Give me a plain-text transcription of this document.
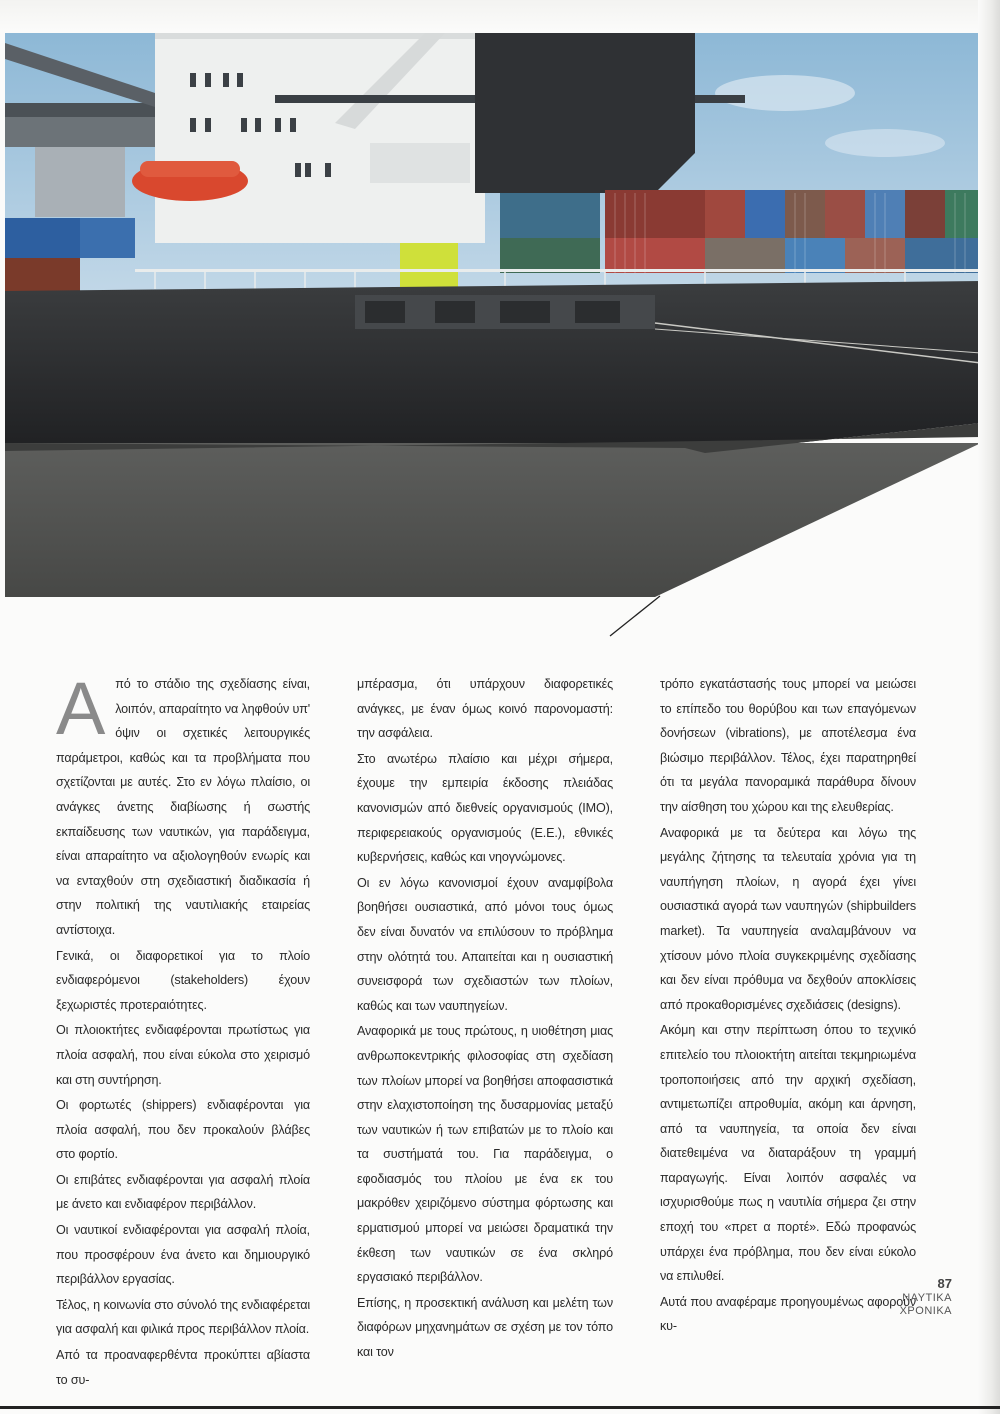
Α πό το στάδιο της σχεδίασης είναι, λοιπόν, απαραίτητο να ληφθούν υπ' όψιν οι σχετικές λειτουργικές παράμετροι, καθώς και τα προβλήματα που σχετίζονται με αυτές. Στο εν λόγω πλαίσιο, οι ανάγκες άνετης διαβίωσης ή σωστής εκπαίδευσης των ναυτικών, για παράδειγμα, είναι απαραίτητο να αξιολογηθούν ενωρίς και να ενταχθούν στη σχεδιαστική διαδικασία ή στην πολιτική της ναυτιλιακής εταιρείας αντίστοιχα.

Γενικά, οι διαφορετικοί για το πλοίο ενδιαφερόμενοι (stakeholders) έχουν ξεχωριστές προτεραιότητες.

Οι πλοιοκτήτες ενδιαφέρονται πρωτίστως για πλοία ασφαλή, που είναι εύκολα στο χειρισμό και στη συντήρηση.

Οι φορτωτές (shippers) ενδιαφέρονται για πλοία ασφαλή, που δεν προκαλούν βλάβες στο φορτίο.

Οι επιβάτες ενδιαφέρονται για ασφαλή πλοία με άνετο και ενδιαφέρον περιβάλλον.

Οι ναυτικοί ενδιαφέρονται για ασφαλή πλοία, που προσφέρουν ένα άνετο και δημιουργικό περιβάλλον εργασίας.

Τέλος, η κοινωνία στο σύνολό της ενδιαφέρεται για ασφαλή και φιλικά προς περιβάλλον πλοία.

Από τα προαναφερθέντα προκύπτει αβίαστα το συ-

μπέρασμα, ότι υπάρχουν διαφορετικές ανάγκες, με έναν όμως κοινό παρονομαστή: την ασφάλεια.

Στο ανωτέρω πλαίσιο και μέχρι σήμερα, έχουμε την εμπειρία έκδοσης πλειάδας κανονισμών από διεθνείς οργανισμούς (IMO), περιφερειακούς οργανισμούς (Ε.Ε.), εθνικές κυβερνήσεις, καθώς και νηογνώμονες.

Οι εν λόγω κανονισμοί έχουν αναμφίβολα βοηθήσει ουσιαστικά, από μόνοι τους όμως δεν είναι δυνατόν να επιλύσουν το πρόβλημα στην ολότητά του. Απαιτείται και η ουσιαστική συνεισφορά των σχεδιαστών των πλοίων, καθώς και των ναυπηγείων.

Αναφορικά με τους πρώτους, η υιοθέτηση μιας ανθρωποκεντρικής φιλοσοφίας στη σχεδίαση των πλοίων μπορεί να βοηθήσει αποφασιστικά στην ελαχιστοποίηση της δυσαρμονίας μεταξύ των ναυτικών ή των επιβατών με το πλοίο και τα συστήματά του. Για παράδειγμα, ο εφοδιασμός του πλοίου με ένα εκ του μακρόθεν χειριζόμενο σύστημα φόρτωσης και ερματισμού μπορεί να μειώσει δραματικά την έκθεση των ναυτικών σε ένα σκληρό εργασιακό περιβάλλον.

Επίσης, η προσεκτική ανάλυση και μελέτη των διαφόρων μηχανημάτων σε σχέση με τον τόπο και τον

τρόπο εγκατάστασής τους μπορεί να μειώσει το επίπεδο του θορύβου και των επαγόμενων δονήσεων (vibrations), με αποτέλεσμα ένα βιώσιμο περιβάλλον. Τέλος, έχει παρατηρηθεί ότι τα μεγάλα πανοραμικά παράθυρα δίνουν την αίσθηση του χώρου και της ελευθερίας.

Αναφορικά με τα δεύτερα και λόγω της μεγάλης ζήτησης τα τελευταία χρόνια για τη ναυπήγηση πλοίων, η αγορά έχει γίνει ουσιαστικά αγορά των ναυπηγών (shipbuilders market). Τα ναυπηγεία αναλαμβάνουν να χτίσουν μόνο πλοία συγκεκριμένης σχεδίασης και δεν είναι πρόθυμα να δεχθούν αποκλίσεις από προκαθορισμένες σχεδιάσεις (designs).

Ακόμη και στην περίπτωση όπου το τεχνικό επιτελείο του πλοιοκτήτη αιτείται τεκμηριωμένα τροποποιήσεις από την αρχική σχεδίαση, αντιμετωπίζει απροθυμία, ακόμη και άρνηση, από τα ναυπηγεία, τα οποία δεν είναι διατεθειμένα να διαταράξουν τη γραμμή παραγωγής. Είναι λοιπόν ασφαλές να ισχυρισθούμε πως η ναυτιλία σήμερα ζει στην εποχή του «πρετ α πορτέ». Εδώ προφανώς υπάρχει ένα πρόβλημα, που δεν είναι εύκολο να επιλυθεί.

Αυτά που αναφέραμε προηγουμένως αφορούν κυ-

87
ΝΑΥΤΙΚΑ
ΧΡΟΝΙΚΑ
